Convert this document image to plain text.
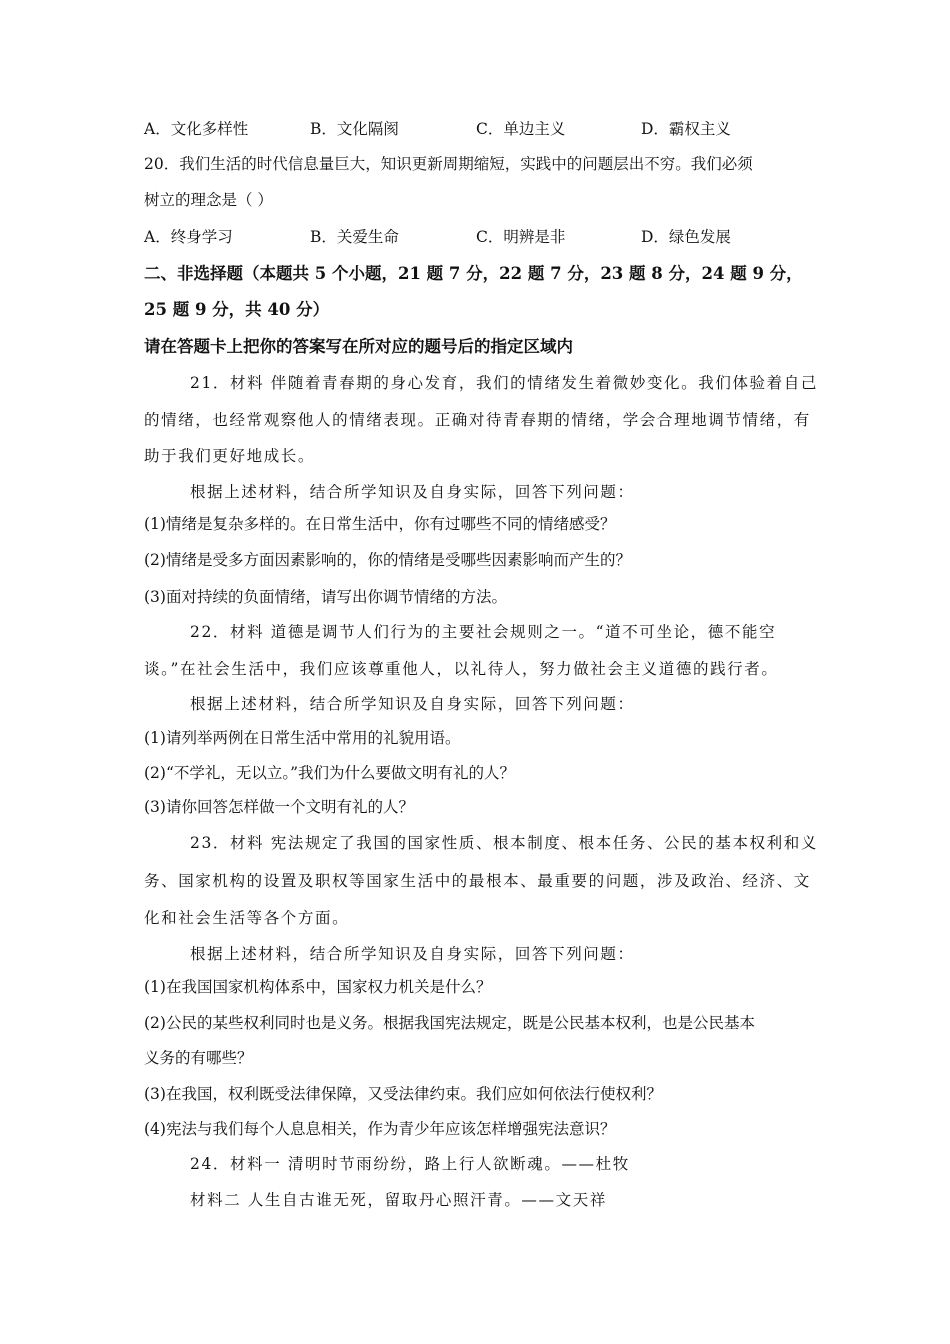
A．文化多样性	B．文化隔阂	C．单边主义	D．霸权主义
20．我们生活的时代信息量巨大，知识更新周期缩短，实践中的问题层出不穷。我们必须
树立的理念是（ ）
A．终身学习	B．关爱生命	C．明辨是非	D．绿色发展
二、非选择题（本题共 5 个小题，21 题 7 分，22 题 7 分，23 题 8 分，24 题 9 分，
25 题 9 分，共 40 分）
请在答题卡上把你的答案写在所对应的题号后的指定区域内
21．材料 伴随着青春期的身心发育，我们的情绪发生着微妙变化。我们体验着自己
的情绪，也经常观察他人的情绪表现。正确对待青春期的情绪，学会合理地调节情绪，有
助于我们更好地成长。
根据上述材料，结合所学知识及自身实际，回答下列问题：
(1)情绪是复杂多样的。在日常生活中，你有过哪些不同的情绪感受？
(2)情绪是受多方面因素影响的，你的情绪是受哪些因素影响而产生的？
(3)面对持续的负面情绪，请写出你调节情绪的方法。
22．材料 道德是调节人们行为的主要社会规则之一。“道不可坐论，德不能空
谈。”在社会生活中，我们应该尊重他人，以礼待人，努力做社会主义道德的践行者。
根据上述材料，结合所学知识及自身实际，回答下列问题：
(1)请列举两例在日常生活中常用的礼貌用语。
(2)“不学礼，无以立。”我们为什么要做文明有礼的人？
(3)请你回答怎样做一个文明有礼的人？
23．材料 宪法规定了我国的国家性质、根本制度、根本任务、公民的基本权利和义
务、国家机构的设置及职权等国家生活中的最根本、最重要的问题，涉及政治、经济、文
化和社会生活等各个方面。
根据上述材料，结合所学知识及自身实际，回答下列问题：
(1)在我国国家机构体系中，国家权力机关是什么？
(2)公民的某些权利同时也是义务。根据我国宪法规定，既是公民基本权利，也是公民基本
义务的有哪些？
(3)在我国，权利既受法律保障，又受法律约束。我们应如何依法行使权利？
(4)宪法与我们每个人息息相关，作为青少年应该怎样增强宪法意识？
24．材料一 清明时节雨纷纷，路上行人欲断魂。——杜牧
材料二 人生自古谁无死，留取丹心照汗青。——文天祥
